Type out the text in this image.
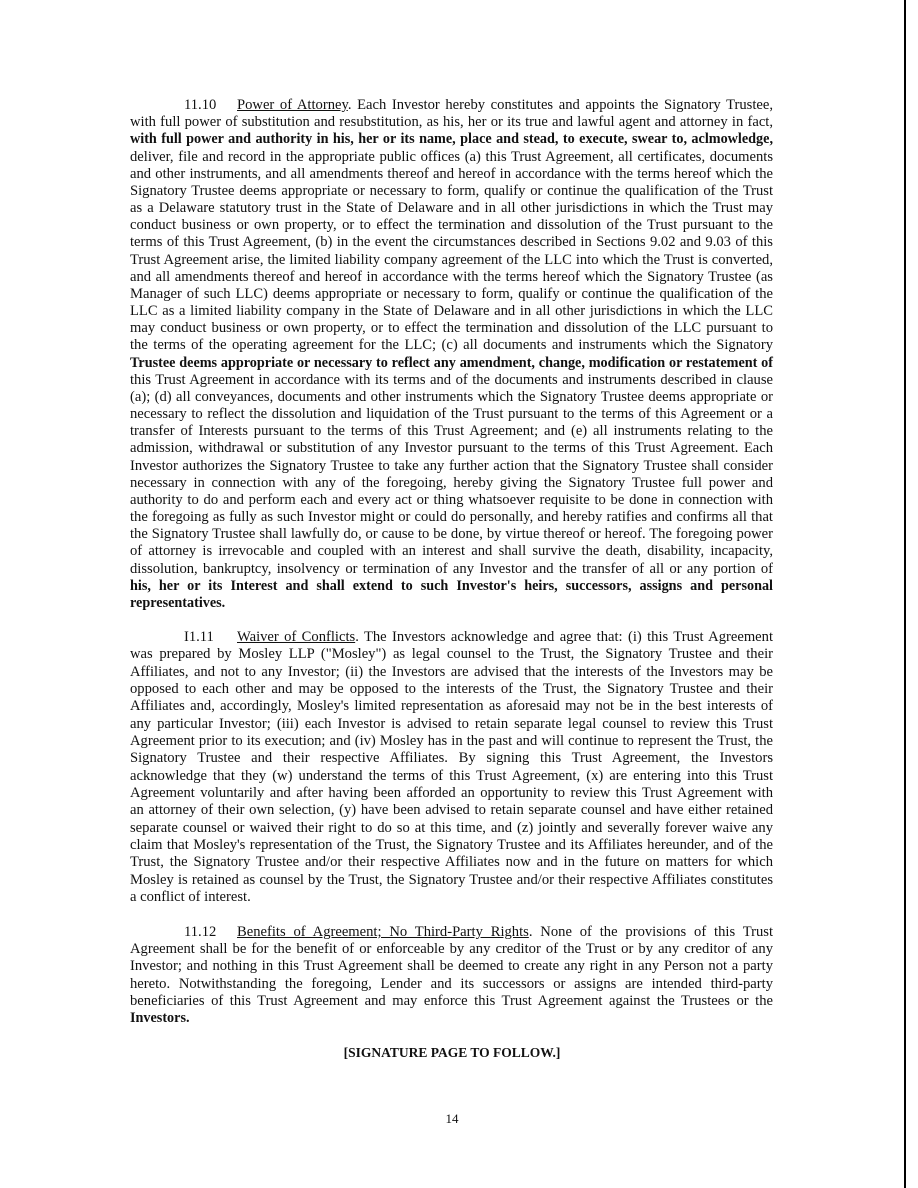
11.10 Power of Attorney. Each Investor hereby constitutes and appoints the Signatory Trustee,
with full power of substitution and resubstitution, as his, her or its true and lawful agent and attorney in fact,
with full power and authority in his, her or its name, place and stead, to execute, swear to, aclmowledge,
deliver, file and record in the appropriate public offices (a) this Trust Agreement, all certificates, documents
and other instruments, and all amendments thereof and hereof in accordance with the terms hereof which the
Signatory Trustee deems appropriate or necessary to form, qualify or continue the qualification of the Trust
as a Delaware statutory trust in the State of Delaware and in all other jurisdictions in which the Trust may
conduct business or own property, or to effect the termination and dissolution of the Trust pursuant to the
terms of this Trust Agreement, (b) in the event the circumstances described in Sections 9.02 and 9.03 of this
Trust Agreement arise, the limited liability company agreement of the LLC into which the Trust is converted,
and all amendments thereof and hereof in accordance with the terms hereof which the Signatory Trustee (as
Manager of such LLC) deems appropriate or necessary to form, qualify or continue the qualification of the
LLC as a limited liability company in the State of Delaware and in all other jurisdictions in which the LLC
may conduct business or own property, or to effect the termination and dissolution of the LLC pursuant to
the terms of the operating agreement for the LLC; (c) all documents and instruments which the Signatory
Trustee deems appropriate or necessary to reflect any amendment, change, modification or restatement of
this Trust Agreement in accordance with its terms and of the documents and instruments described in clause
(a); (d) all conveyances, documents and other instruments which the Signatory Trustee deems appropriate or
necessary to reflect the dissolution and liquidation of the Trust pursuant to the terms of this Agreement or a
transfer of Interests pursuant to the terms of this Trust Agreement; and (e) all instruments relating to the
admission, withdrawal or substitution of any Investor pursuant to the terms of this Trust Agreement. Each
Investor authorizes the Signatory Trustee to take any further action that the Signatory Trustee shall consider
necessary in connection with any of the foregoing, hereby giving the Signatory Trustee full power and
authority to do and perform each and every act or thing whatsoever requisite to be done in connection with
the foregoing as fully as such Investor might or could do personally, and hereby ratifies and confirms all that
the Signatory Trustee shall lawfully do, or cause to be done, by virtue thereof or hereof. The foregoing power
of attorney is irrevocable and coupled with an interest and shall survive the death, disability, incapacity,
dissolution, bankruptcy, insolvency or termination of any Investor and the transfer of all or any portion of
his, her or its Interest and shall extend to such Investor's heirs, successors, assigns and personal
representatives.
I1.11 Waiver of Conflicts. The Investors acknowledge and agree that: (i) this Trust Agreement
was prepared by Mosley LLP ("Mosley") as legal counsel to the Trust, the Signatory Trustee and their
Affiliates, and not to any Investor; (ii) the Investors are advised that the interests of the Investors may be
opposed to each other and may be opposed to the interests of the Trust, the Signatory Trustee and their
Affiliates and, accordingly, Mosley's limited representation as aforesaid may not be in the best interests of
any particular Investor; (iii) each Investor is advised to retain separate legal counsel to review this Trust
Agreement prior to its execution; and (iv) Mosley has in the past and will continue to represent the Trust, the
Signatory Trustee and their respective Affiliates. By signing this Trust Agreement, the Investors
acknowledge that they (w) understand the terms of this Trust Agreement, (x) are entering into this Trust
Agreement voluntarily and after having been afforded an opportunity to review this Trust Agreement with
an attorney of their own selection, (y) have been advised to retain separate counsel and have either retained
separate counsel or waived their right to do so at this time, and (z) jointly and severally forever waive any
claim that Mosley's representation of the Trust, the Signatory Trustee and its Affiliates hereunder, and of the
Trust, the Signatory Trustee and/or their respective Affiliates now and in the future on matters for which
Mosley is retained as counsel by the Trust, the Signatory Trustee and/or their respective Affiliates constitutes
a conflict of interest.
11.12 Benefits of Agreement; No Third-Party Rights. None of the provisions of this Trust
Agreement shall be for the benefit of or enforceable by any creditor of the Trust or by any creditor of any
Investor; and nothing in this Trust Agreement shall be deemed to create any right in any Person not a party
hereto. Notwithstanding the foregoing, Lender and its successors or assigns are intended third-party
beneficiaries of this Trust Agreement and may enforce this Trust Agreement against the Trustees or the
Investors.
[SIGNATURE PAGE TO FOLLOW.]
14
